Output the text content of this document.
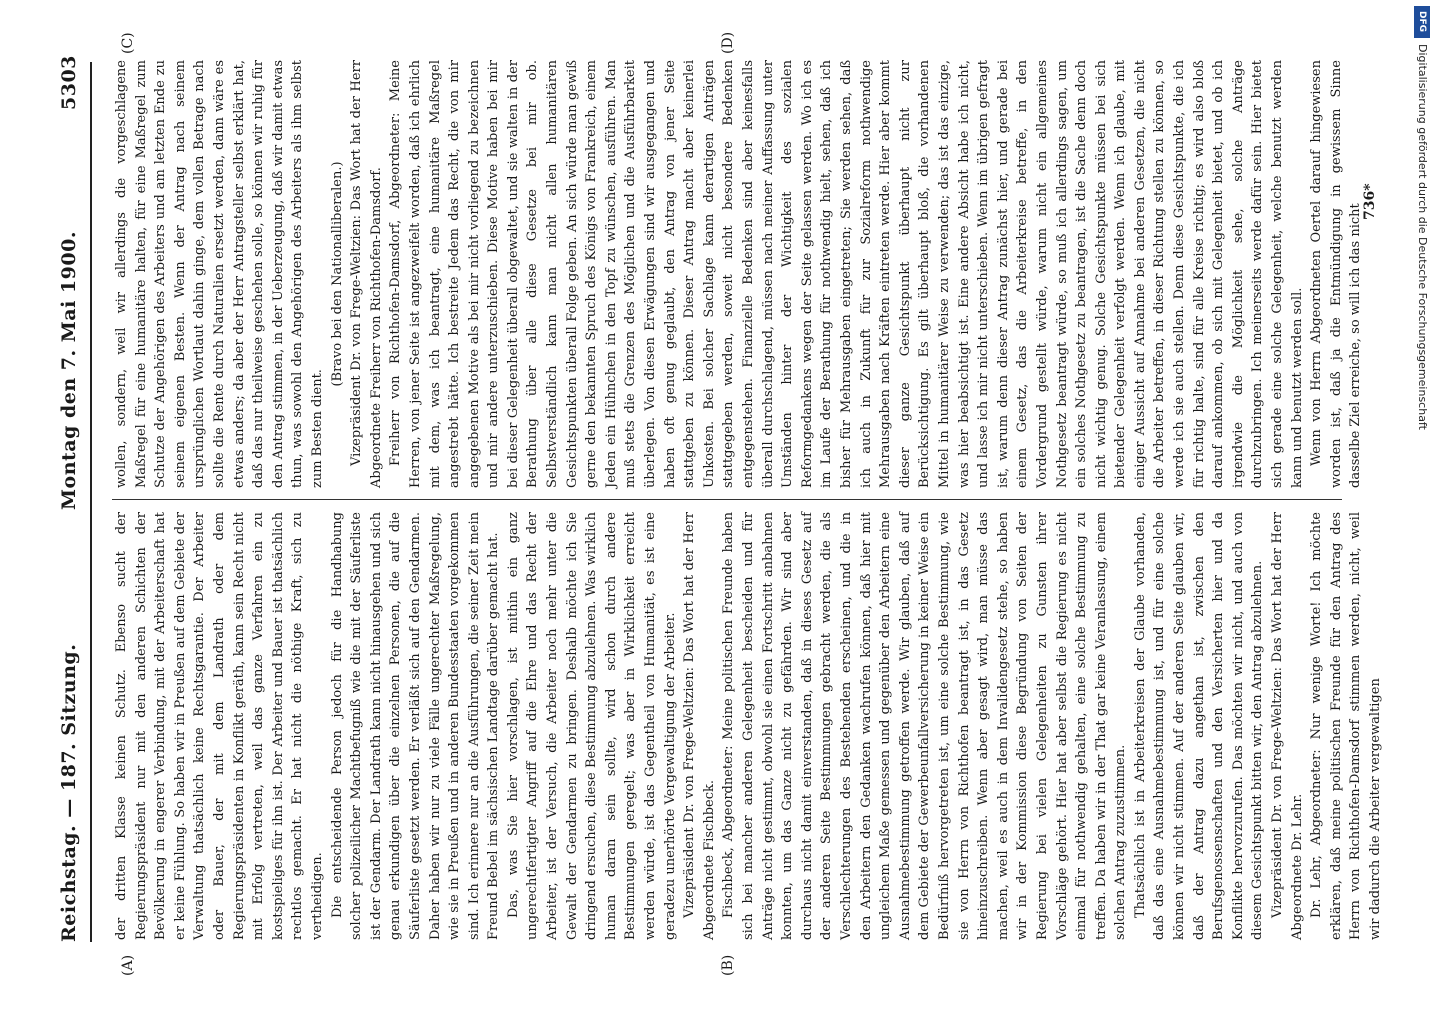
Reichstag. — 187. Sitzung.
Montag den 7. Mai 1900.
5303
(A)	(B)
(C)	(D)

der dritten Klasse keinen Schutz. Ebenso sucht der Regierungspräsident nur mit den anderen Schichten der Bevölkerung in engerer Verbindung, mit der Arbeiterschaft hat er keine Fühlung. So haben wir in Preußen auf dem Gebiete der Verwaltung thatsächlich keine Rechtsgarantie. Der Arbeiter oder Bauer, der mit dem Landrath oder dem Regierungspräsidenten in Konflikt geräth, kann sein Recht nicht mit Erfolg vertreten, weil das ganze Verfahren ein zu kostspieliges für ihn ist. Der Arbeiter und Bauer ist thatsächlich rechtlos gemacht. Er hat nicht die nöthige Kraft, sich zu vertheidigen. Die entscheidende Person jedoch für die Handhabung solcher polizeilicher Machtbefugniß wie die mit der Säuferliste ist der Gendarm. Der Landrath kann nicht hinausgehen und sich genau erkundigen über die einzelnen Personen, die auf die Säuferliste gesetzt werden. Er verläßt sich auf den Gendarmen. Daher haben wir nur zu viele Fälle ungerechter Maßregelung, wie sie in Preußen und in anderen Bundesstaaten vorgekommen sind. Ich erinnere nur an die Ausführungen, die seiner Zeit mein Freund Bebel im sächsischen Landtage darüber gemacht hat. Das, was Sie hier vorschlagen, ist mithin ein ganz ungerechtfertigter Angriff auf die Ehre und das Recht der Arbeiter, ist der Versuch, die Arbeiter noch mehr unter die Gewalt der Gendarmen zu bringen. Deshalb möchte ich Sie dringend ersuchen, diese Bestimmung abzulehnen. Was wirklich human daran sein sollte, wird schon durch andere Bestimmungen geregelt; was aber in Wirklichkeit erreicht werden würde, ist das Gegentheil von Humanität, es ist eine geradezu unerhörte Vergewaltigung der Arbeiter. Vizepräsident Dr. von Frege-Weltzien: Das Wort hat der Herr Abgeordnete Fischbeck. Fischbeck, Abgeordneter: Meine politischen Freunde haben sich bei mancher anderen Gelegenheit bescheiden und für Anträge nicht gestimmt, obwohl sie einen Fortschritt anbahnen konnten, um das Ganze nicht zu gefährden. Wir sind aber durchaus nicht damit einverstanden, daß in dieses Gesetz auf der anderen Seite Bestimmungen gebracht werden, die als Verschlechterungen des Bestehenden erscheinen, und die in den Arbeitern den Gedanken wachrufen können, daß hier mit ungleichem Maße gemessen und gegenüber den Arbeitern eine Ausnahmebestimmung getroffen werde. Wir glauben, daß auf dem Gebiete der Gewerbeunfallversicherung in keiner Weise ein Bedürfniß hervorgetreten ist, um eine solche Bestimmung, wie sie von Herrn von Richthofen beantragt ist, in das Gesetz hineinzuschreiben. Wenn aber gesagt wird, man müsse das machen, weil es auch in dem Invalidengesetz stehe, so haben wir in der Kommission diese Begründung von Seiten der Regierung bei vielen Gelegenheiten zu Gunsten ihrer Vorschläge gehört. Hier hat aber selbst die Regierung es nicht einmal für nothwendig gehalten, eine solche Bestimmung zu treffen. Da haben wir in der That gar keine Veranlassung, einem solchen Antrag zuzustimmen. Thatsächlich ist in Arbeiterkreisen der Glaube vorhanden, daß das eine Ausnahmebestimmung ist, und für eine solche können wir nicht stimmen. Auf der anderen Seite glauben wir, daß der Antrag dazu angethan ist, zwischen den Berufsgenossenschaften und den Versicherten hier und da Konflikte hervorzurufen. Das möchten wir nicht, und auch von diesem Gesichtspunkt bitten wir, den Antrag abzulehnen. Vizepräsident Dr. von Frege-Weltzien: Das Wort hat der Herr Abgeordnete Dr. Lehr. Dr. Lehr, Abgeordneter: Nur wenige Worte! Ich möchte erklären, daß meine politischen Freunde für den Antrag des Herrn von Richthofen-Damsdorf stimmen werden, nicht, weil wir dadurch die Arbeiter vergewaltigen

wollen, sondern, weil wir allerdings die vorgeschlagene Maßregel für eine humanitäre halten, für eine Maßregel zum Schutze der Angehörigen des Arbeiters und am letzten Ende zu seinem eigenen Besten. Wenn der Antrag nach seinem ursprünglichen Wortlaut dahin ginge, dem vollen Betrage nach sollte die Rente durch Naturalien ersetzt werden, dann wäre es etwas anders; da aber der Herr Antragsteller selbst erklärt hat, daß das nur theilweise geschehen solle, so können wir ruhig für den Antrag stimmen, in der Ueberzeugung, daß wir damit etwas thun, was sowohl den Angehörigen des Arbeiters als ihm selbst zum Besten dient.

(Bravo bei den Nationalliberalen.) Vizepräsident Dr. von Frege-Weltzien: Das Wort hat der Herr Abgeordnete Freiherr von Richthofen-Damsdorf. Freiherr von Richthofen-Damsdorf, Abgeordneter: Meine Herren, von jener Seite ist angezweifelt worden, daß ich ehrlich mit dem, was ich beantragt, eine humanitäre Maßregel angestrebt hätte. Ich bestreite Jedem das Recht, die von mir angegebenen Motive als bei mir nicht vorliegend zu bezeichnen und mir andere unterzuschieben. Diese Motive haben bei mir bei dieser Gelegenheit überall obgewaltet, und sie walten in der Berathung über alle diese Gesetze bei mir ob. Selbstverständlich kann man nicht allen humanitären Gesichtspunkten überall Folge geben. An sich würde man gewiß gerne den bekannten Spruch des Königs von Frankreich, einem Jeden ein Hühnchen in den Topf zu wünschen, ausführen. Man muß stets die Grenzen des Möglichen und die Ausführbarkeit überlegen. Von diesen Erwägungen sind wir ausgegangen und haben oft genug geglaubt, den Antrag von jener Seite stattgeben zu können. Dieser Antrag macht aber keinerlei Unkosten. Bei solcher Sachlage kann derartigen Anträgen stattgegeben werden, soweit nicht besondere Bedenken entgegenstehen. Finanzielle Bedenken sind aber keinesfalls überall durchschlagend, müssen nach meiner Auffassung unter Umständen hinter der Wichtigkeit des sozialen Reformgedankens wegen der Seite gelassen werden. Wo ich es im Laufe der Berathung für nothwendig hielt, sehen, daß ich bisher für Mehrausgaben eingetreten; Sie werden sehen, daß ich auch in Zukunft für zur Sozialreform nothwendige Mehrausgaben nach Kräften eintreten werde. Hier aber kommt dieser ganze Gesichtspunkt überhaupt nicht zur Berücksichtigung. Es gilt überhaupt bloß, die vorhandenen Mittel in humanitärer Weise zu verwenden; das ist das einzige, was hier beabsichtigt ist. Eine andere Absicht habe ich nicht, und lasse ich mir nicht unterschieben. Wenn im übrigen gefragt ist, warum denn dieser Antrag zunächst hier, und gerade bei einem Gesetz, das die Arbeiterkreise betreffe, in den Vordergrund gestellt würde, warum nicht ein allgemeines Nothgesetz beantragt würde, so muß ich allerdings sagen, um ein solches Nothgesetz zu beantragen, ist die Sache denn doch nicht wichtig genug. Solche Gesichtspunkte müssen bei sich bietender Gelegenheit verfolgt werden. Wenn ich glaube, mit einiger Aussicht auf Annahme bei anderen Gesetzen, die nicht die Arbeiter betreffen, in dieser Richtung stellen zu können, so werde ich sie auch stellen. Denn diese Gesichtspunkte, die ich für richtig halte, sind für alle Kreise richtig; es wird also bloß darauf ankommen, ob sich mit Gelegenheit bietet, und ob ich irgendwie die Möglichkeit sehe, solche Anträge durchzubringen. Ich meinerseits werde dafür sein. Hier bietet sich gerade eine solche Gelegenheit, welche benutzt werden kann und benutzt werden soll. Wenn von Herrn Abgeordneten Oertel darauf hingewiesen worden ist, daß ja die Entmündigung in gewissem Sinne dasselbe Ziel erreiche, so will ich das nicht

736*
DFG
Digitalisierung gefördert durch die Deutsche Forschungsgemeinschaft
